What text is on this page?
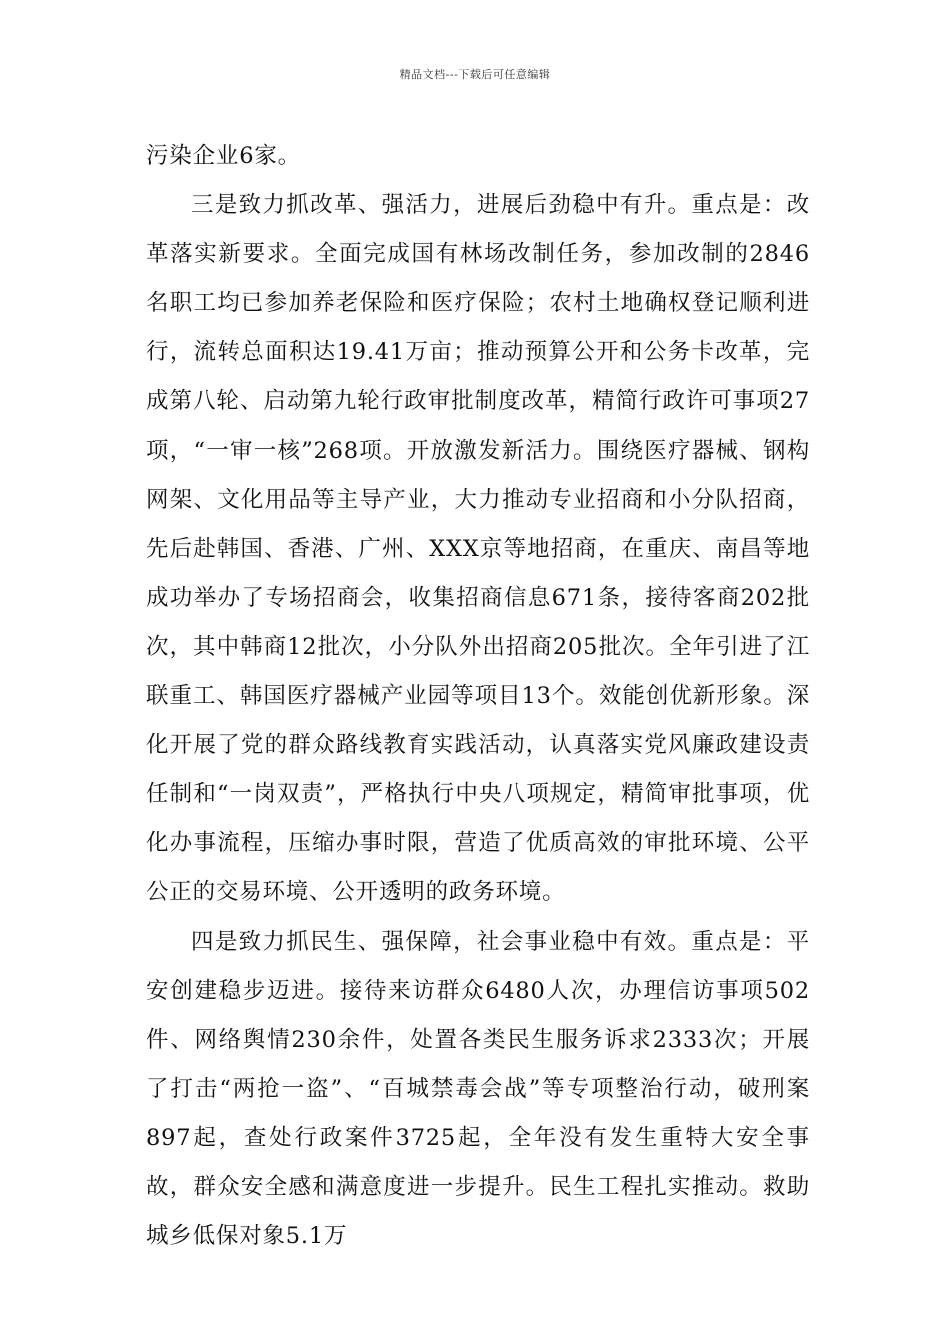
精品文档---下载后可任意编辑

污染企业6家。

三是致力抓改革、强活力，进展后劲稳中有升。重点是：改革落实新要求。全面完成国有林场改制任务，参加改制的2846名职工均已参加养老保险和医疗保险；农村土地确权登记顺利进行，流转总面积达19.41万亩；推动预算公开和公务卡改革，完成第八轮、启动第九轮行政审批制度改革，精简行政许可事项27项，“一审一核”268项。开放激发新活力。围绕医疗器械、钢构网架、文化用品等主导产业，大力推动专业招商和小分队招商，先后赴韩国、香港、广州、XXX京等地招商，在重庆、南昌等地成功举办了专场招商会，收集招商信息671条，接待客商202批次，其中韩商12批次，小分队外出招商205批次。全年引进了江联重工、韩国医疗器械产业园等项目13个。效能创优新形象。深化开展了党的群众路线教育实践活动，认真落实党风廉政建设责任制和“一岗双责”，严格执行中央八项规定，精简审批事项，优化办事流程，压缩办事时限，营造了优质高效的审批环境、公平公正的交易环境、公开透明的政务环境。

四是致力抓民生、强保障，社会事业稳中有效。重点是：平安创建稳步迈进。接待来访群众6480人次，办理信访事项502件、网络舆情230余件，处置各类民生服务诉求2333次；开展了打击“两抢一盗”、“百城禁毒会战”等专项整治行动，破刑案897起，查处行政案件3725起，全年没有发生重特大安全事故，群众安全感和满意度进一步提升。民生工程扎实推动。救助城乡低保对象5.1万
